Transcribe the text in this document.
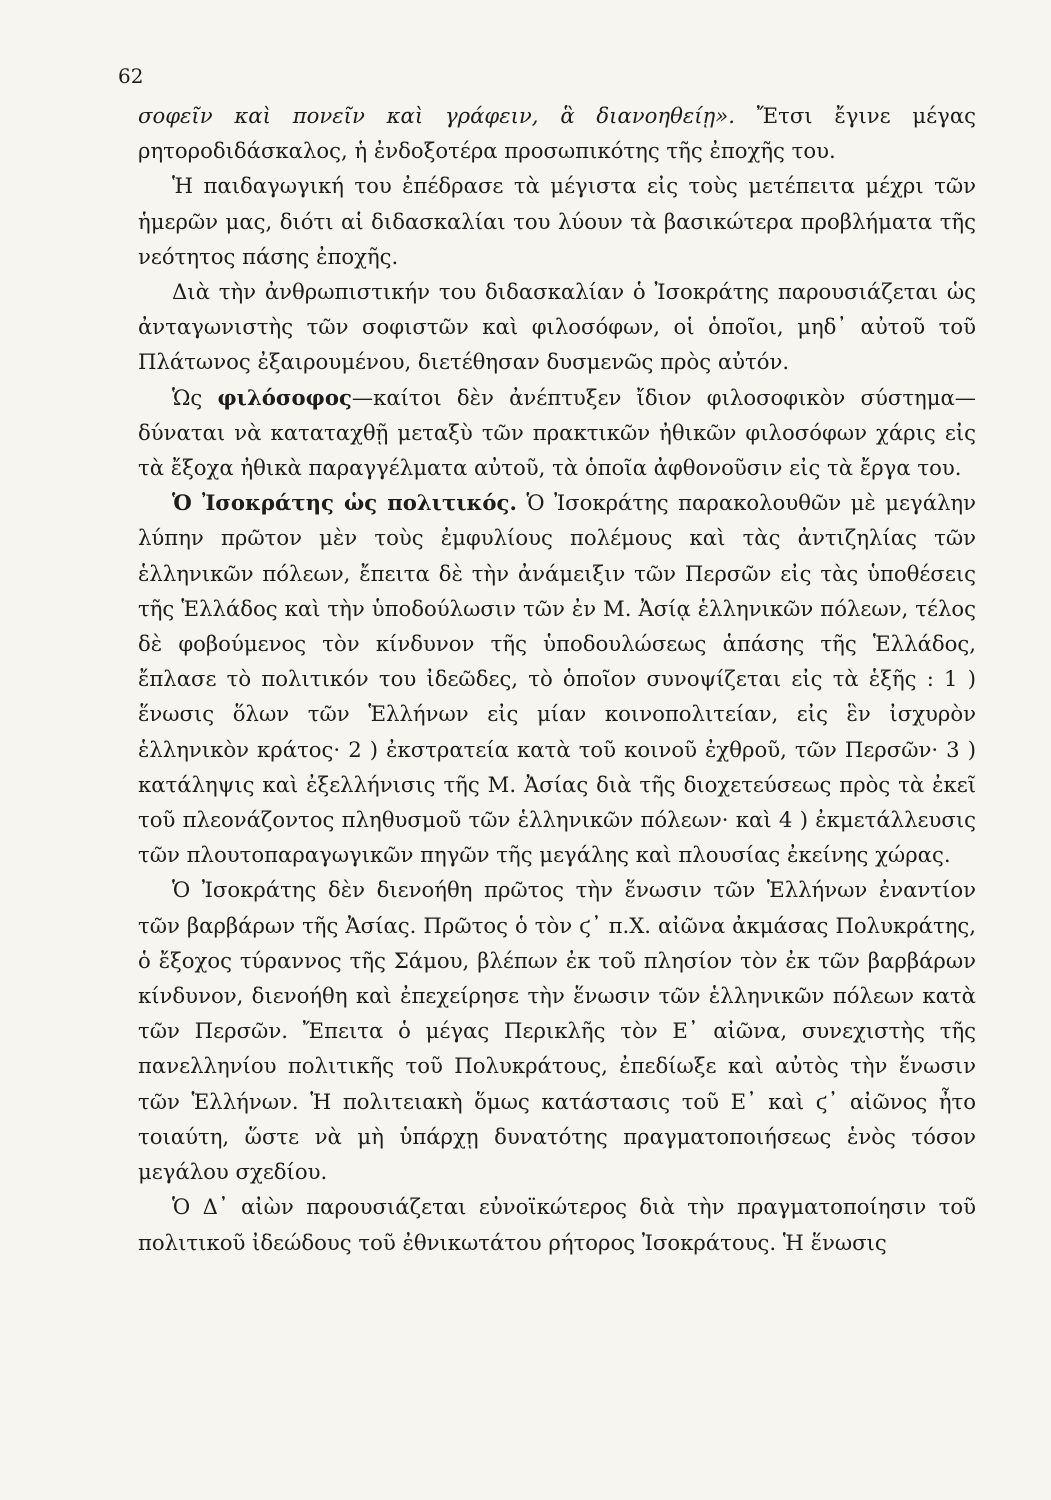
62

σοφεῖν καὶ πονεῖν καὶ γράφειν, ἃ διανοηθείῃ». Ἔτσι ἔγινε μέγας ρητοροδιδάσκαλος, ἡ ἐνδοξοτέρα προσωπικότης τῆς ἐποχῆς του.

Ἡ παιδαγωγική του ἐπέδρασε τὰ μέγιστα εἰς τοὺς μετέπειτα μέχρι τῶν ἡμερῶν μας, διότι αἱ διδασκαλίαι του λύουν τὰ βασικώτερα προβλήματα τῆς νεότητος πάσης ἐποχῆς.

Διὰ τὴν ἀνθρωπιστικήν του διδασκαλίαν ὁ Ἰσοκράτης παρουσιάζεται ὡς ἀνταγωνιστὴς τῶν σοφιστῶν καὶ φιλοσόφων, οἱ ὁποῖοι, μηδ᾽ αὐτοῦ τοῦ Πλάτωνος ἐξαιρουμένου, διετέθησαν δυσμενῶς πρὸς αὐτόν.

Ὡς φιλόσοφος—καίτοι δὲν ἀνέπτυξεν ἴδιον φιλοσοφικὸν σύστημα—δύναται νὰ καταταχθῇ μεταξὺ τῶν πρακτικῶν ἠθικῶν φιλοσόφων χάρις εἰς τὰ ἔξοχα ἠθικὰ παραγγέλματα αὐτοῦ, τὰ ὁποῖα ἀφθονοῦσιν εἰς τὰ ἔργα του.

Ὁ Ἰσοκράτης ὡς πολιτικός. Ὁ Ἰσοκράτης παρακολουθῶν μὲ μεγάλην λύπην πρῶτον μὲν τοὺς ἐμφυλίους πολέμους καὶ τὰς ἀντιζηλίας τῶν ἑλληνικῶν πόλεων, ἔπειτα δὲ τὴν ἀνάμειξιν τῶν Περσῶν εἰς τὰς ὑποθέσεις τῆς Ἑλλάδος καὶ τὴν ὑποδούλωσιν τῶν ἐν Μ. Ἀσίᾳ ἑλληνικῶν πόλεων, τέλος δὲ φοβούμενος τὸν κίνδυνον τῆς ὑποδουλώσεως ἁπάσης τῆς Ἑλλάδος, ἔπλασε τὸ πολιτικόν του ἰδεῶδες, τὸ ὁποῖον συνοψίζεται εἰς τὰ ἑξῆς : 1 ) ἕνωσις ὅλων τῶν Ἑλλήνων εἰς μίαν κοινοπολιτείαν, εἰς ἓν ἰσχυρὸν ἑλληνικὸν κράτος· 2 ) ἐκστρατεία κατὰ τοῦ κοινοῦ ἐχθροῦ, τῶν Περσῶν· 3 ) κατάληψις καὶ ἐξελλήνισις τῆς Μ. Ἀσίας διὰ τῆς διοχετεύσεως πρὸς τὰ ἐκεῖ τοῦ πλεονάζοντος πληθυσμοῦ τῶν ἑλληνικῶν πόλεων· καὶ 4 ) ἐκμετάλλευσις τῶν πλουτοπαραγωγικῶν πηγῶν τῆς μεγάλης καὶ πλουσίας ἐκείνης χώρας.

Ὁ Ἰσοκράτης δὲν διενοήθη πρῶτος τὴν ἕνωσιν τῶν Ἑλλήνων ἐναντίον τῶν βαρβάρων τῆς Ἀσίας. Πρῶτος ὁ τὸν ϛ᾽ π.Χ. αἰῶνα ἀκμάσας Πολυκράτης, ὁ ἔξοχος τύραννος τῆς Σάμου, βλέπων ἐκ τοῦ πλησίον τὸν ἐκ τῶν βαρβάρων κίνδυνον, διενοήθη καὶ ἐπεχείρησε τὴν ἕνωσιν τῶν ἑλληνικῶν πόλεων κατὰ τῶν Περσῶν. Ἔπειτα ὁ μέγας Περικλῆς τὸν Ε᾽ αἰῶνα, συνεχιστὴς τῆς πανελληνίου πολιτικῆς τοῦ Πολυκράτους, ἐπεδίωξε καὶ αὐτὸς τὴν ἕνωσιν τῶν Ἑλλήνων. Ἡ πολιτειακὴ ὅμως κατάστασις τοῦ Ε᾽ καὶ ϛ᾽ αἰῶνος ἦτο τοιαύτη, ὥστε νὰ μὴ ὑπάρχῃ δυνατότης πραγματοποιήσεως ἑνὸς τόσον μεγάλου σχεδίου.

Ὁ Δ᾽ αἰὼν παρουσιάζεται εὐνοϊκώτερος διὰ τὴν πραγματοποίησιν τοῦ πολιτικοῦ ἰδεώδους τοῦ ἐθνικωτάτου ρήτορος Ἰσοκράτους. Ἡ ἕνωσις
